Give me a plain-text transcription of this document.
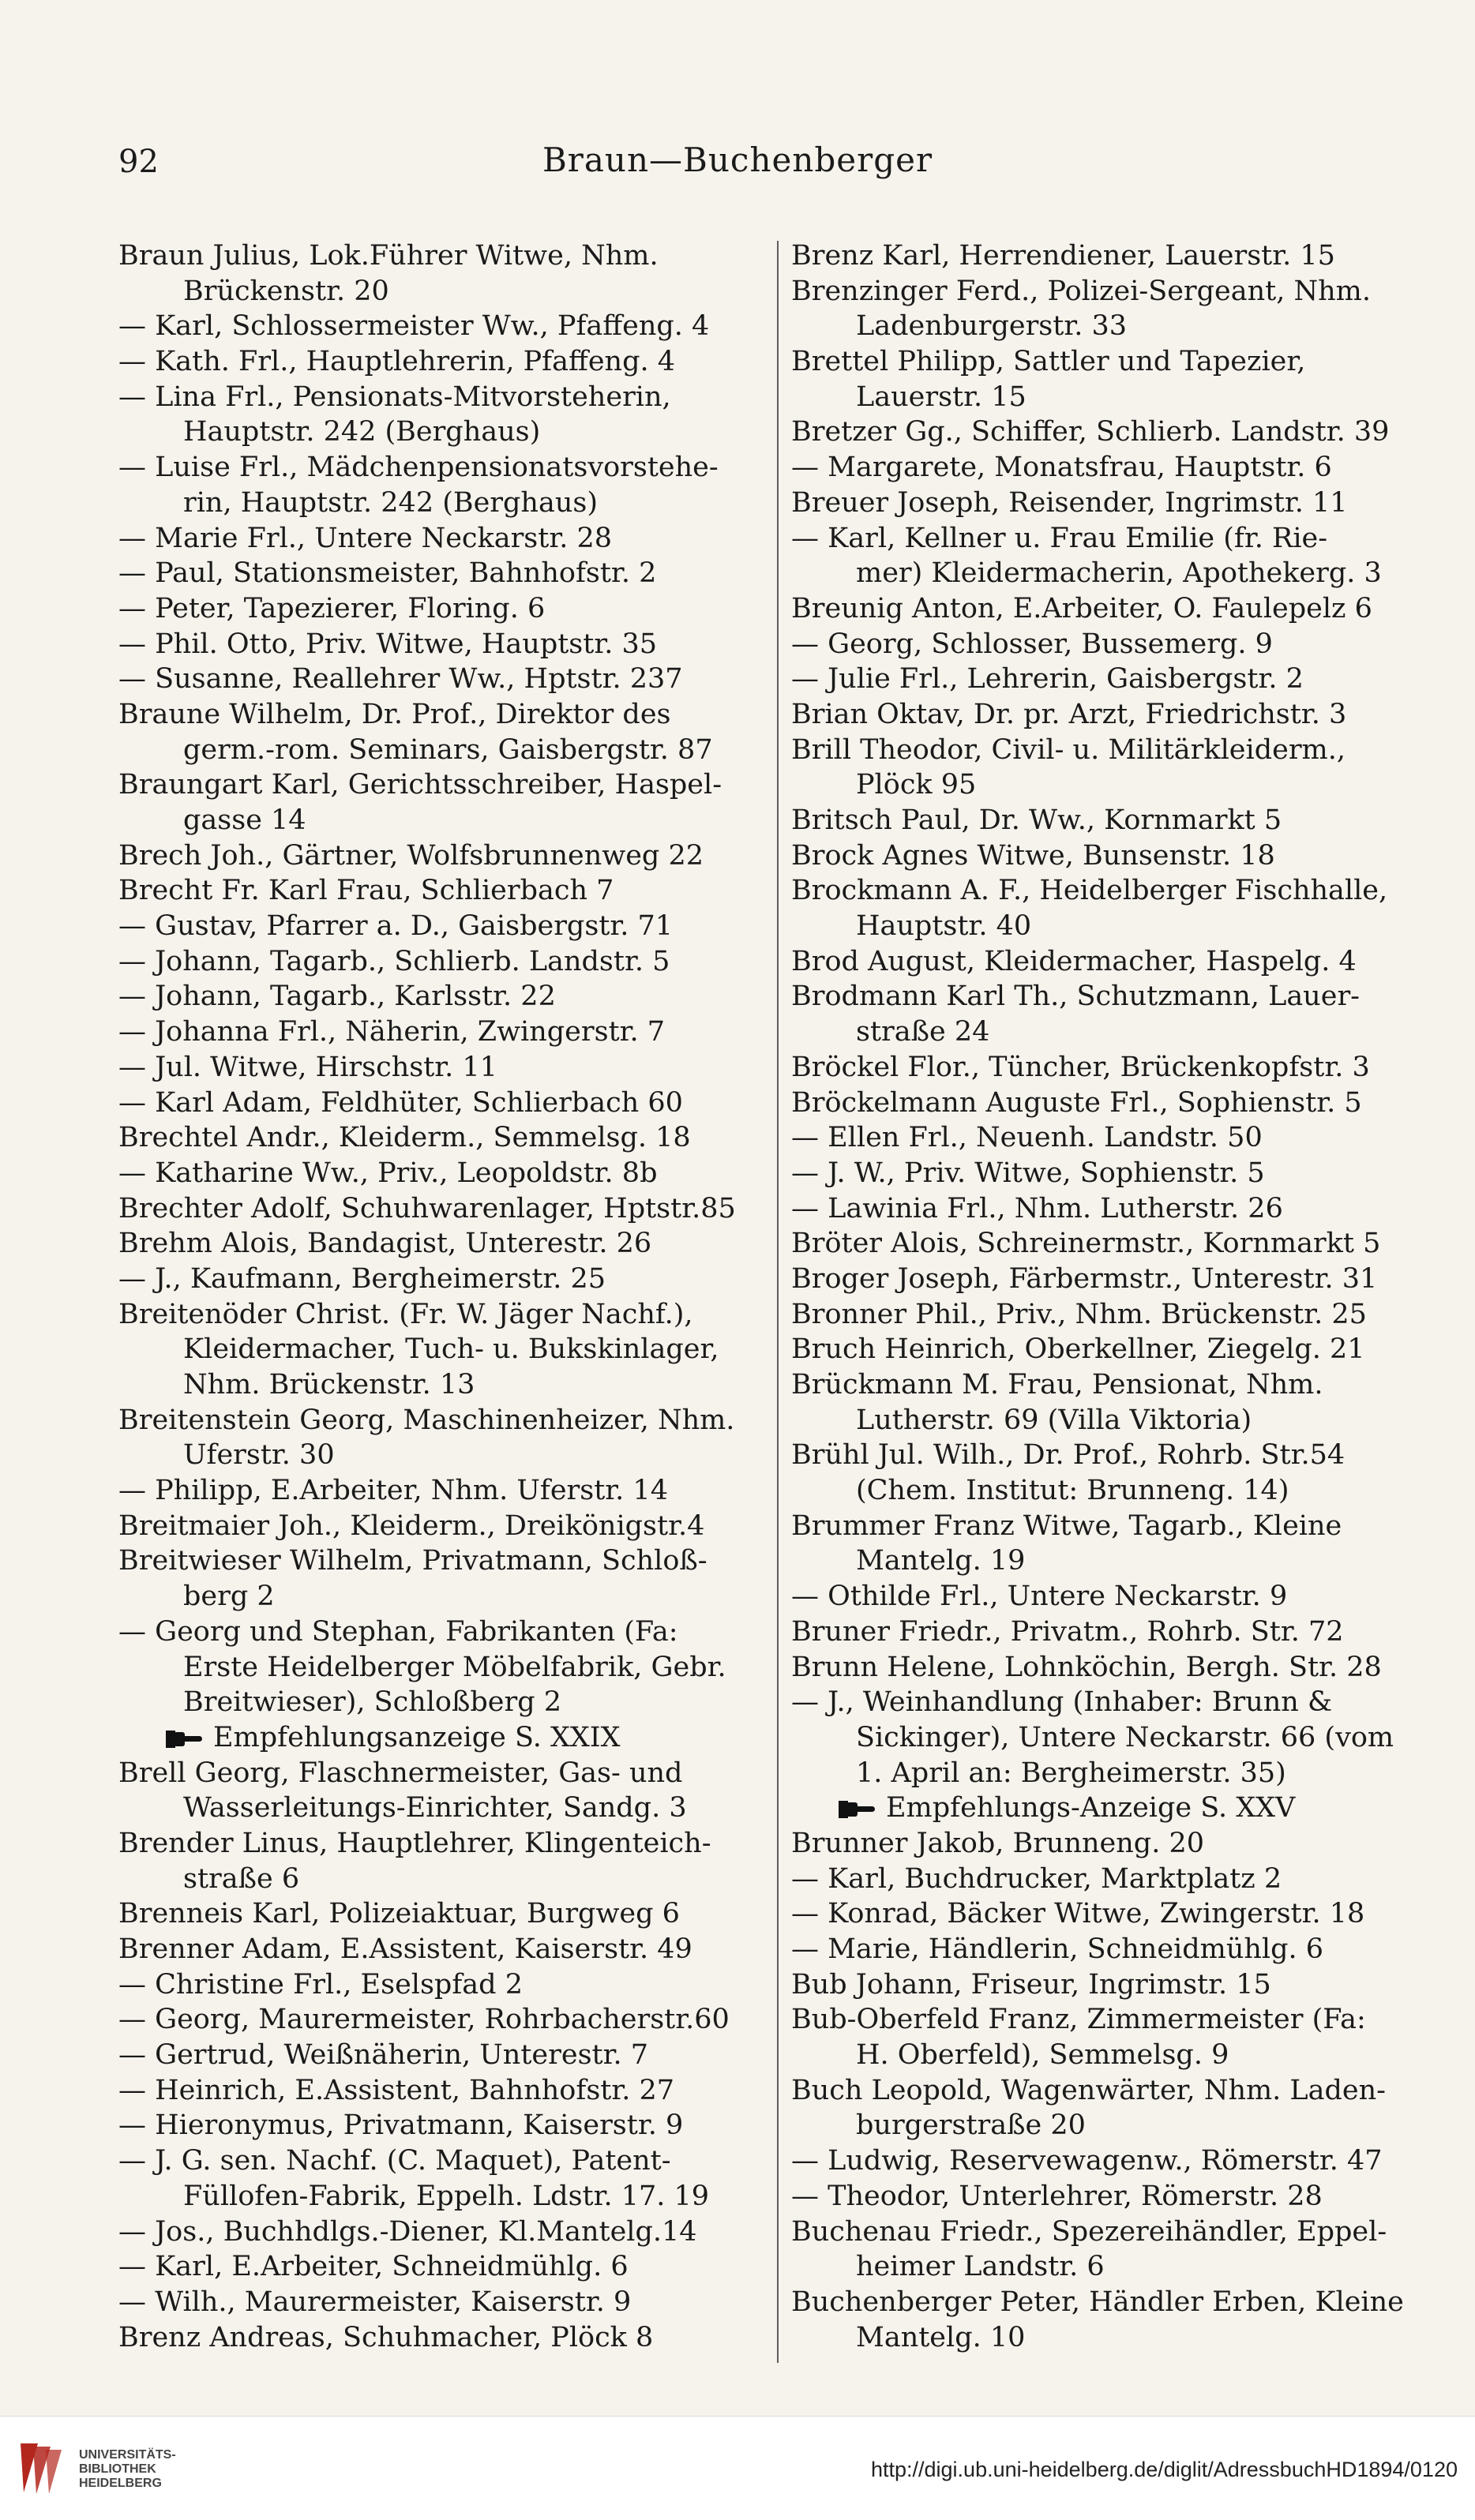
92	Braun—Buchenberger
Braun Julius, Lok.Führer Witwe, Nhm.
Brückenstr. 20
— Karl, Schlossermeister Ww., Pfaffeng. 4
— Kath. Frl., Hauptlehrerin, Pfaffeng. 4
— Lina Frl., Pensionats-Mitvorsteherin,
Hauptstr. 242 (Berghaus)
— Luise Frl., Mädchenpensionatsvorstehe-
rin, Hauptstr. 242 (Berghaus)
— Marie Frl., Untere Neckarstr. 28
— Paul, Stationsmeister, Bahnhofstr. 2
— Peter, Tapezierer, Floring. 6
— Phil. Otto, Priv. Witwe, Hauptstr. 35
— Susanne, Reallehrer Ww., Hptstr. 237
Braune Wilhelm, Dr. Prof., Direktor des
germ.-rom. Seminars, Gaisbergstr. 87
Braungart Karl, Gerichtsschreiber, Haspel-
gasse 14
Brech Joh., Gärtner, Wolfsbrunnenweg 22
Brecht Fr. Karl Frau, Schlierbach 7
— Gustav, Pfarrer a. D., Gaisbergstr. 71
— Johann, Tagarb., Schlierb. Landstr. 5
— Johann, Tagarb., Karlsstr. 22
— Johanna Frl., Näherin, Zwingerstr. 7
— Jul. Witwe, Hirschstr. 11
— Karl Adam, Feldhüter, Schlierbach 60
Brechtel Andr., Kleiderm., Semmelsg. 18
— Katharine Ww., Priv., Leopoldstr. 8b
Brechter Adolf, Schuhwarenlager, Hptstr.85
Brehm Alois, Bandagist, Unterestr. 26
— J., Kaufmann, Bergheimerstr. 25
Breitenöder Christ. (Fr. W. Jäger Nachf.),
Kleidermacher, Tuch- u. Bukskinlager,
Nhm. Brückenstr. 13
Breitenstein Georg, Maschinenheizer, Nhm.
Uferstr. 30
— Philipp, E.Arbeiter, Nhm. Uferstr. 14
Breitmaier Joh., Kleiderm., Dreikönigstr.4
Breitwieser Wilhelm, Privatmann, Schloß-
berg 2
— Georg und Stephan, Fabrikanten (Fa:
Erste Heidelberger Möbelfabrik, Gebr.
Breitwieser), Schloßberg 2
Empfehlungsanzeige S. XXIX
Brell Georg, Flaschnermeister, Gas- und
Wasserleitungs-Einrichter, Sandg. 3
Brender Linus, Hauptlehrer, Klingenteich-
straße 6
Brenneis Karl, Polizeiaktuar, Burgweg 6
Brenner Adam, E.Assistent, Kaiserstr. 49
— Christine Frl., Eselspfad 2
— Georg, Maurermeister, Rohrbacherstr.60
— Gertrud, Weißnäherin, Unterestr. 7
— Heinrich, E.Assistent, Bahnhofstr. 27
— Hieronymus, Privatmann, Kaiserstr. 9
— J. G. sen. Nachf. (C. Maquet), Patent-
Füllofen-Fabrik, Eppelh. Ldstr. 17. 19
— Jos., Buchhdlgs.-Diener, Kl.Mantelg.14
— Karl, E.Arbeiter, Schneidmühlg. 6
— Wilh., Maurermeister, Kaiserstr. 9
Brenz Andreas, Schuhmacher, Plöck 8
Brenz Karl, Herrendiener, Lauerstr. 15
Brenzinger Ferd., Polizei-Sergeant, Nhm.
Ladenburgerstr. 33
Brettel Philipp, Sattler und Tapezier,
Lauerstr. 15
Bretzer Gg., Schiffer, Schlierb. Landstr. 39
— Margarete, Monatsfrau, Hauptstr. 6
Breuer Joseph, Reisender, Ingrimstr. 11
— Karl, Kellner u. Frau Emilie (fr. Rie-
mer) Kleidermacherin, Apothekerg. 3
Breunig Anton, E.Arbeiter, O. Faulepelz 6
— Georg, Schlosser, Bussemerg. 9
— Julie Frl., Lehrerin, Gaisbergstr. 2
Brian Oktav, Dr. pr. Arzt, Friedrichstr. 3
Brill Theodor, Civil- u. Militärkleiderm.,
Plöck 95
Britsch Paul, Dr. Ww., Kornmarkt 5
Brock Agnes Witwe, Bunsenstr. 18
Brockmann A. F., Heidelberger Fischhalle,
Hauptstr. 40
Brod August, Kleidermacher, Haspelg. 4
Brodmann Karl Th., Schutzmann, Lauer-
straße 24
Bröckel Flor., Tüncher, Brückenkopfstr. 3
Bröckelmann Auguste Frl., Sophienstr. 5
— Ellen Frl., Neuenh. Landstr. 50
— J. W., Priv. Witwe, Sophienstr. 5
— Lawinia Frl., Nhm. Lutherstr. 26
Bröter Alois, Schreinermstr., Kornmarkt 5
Broger Joseph, Färbermstr., Unterestr. 31
Bronner Phil., Priv., Nhm. Brückenstr. 25
Bruch Heinrich, Oberkellner, Ziegelg. 21
Brückmann M. Frau, Pensionat, Nhm.
Lutherstr. 69 (Villa Viktoria)
Brühl Jul. Wilh., Dr. Prof., Rohrb. Str.54
(Chem. Institut: Brunneng. 14)
Brummer Franz Witwe, Tagarb., Kleine
Mantelg. 19
— Othilde Frl., Untere Neckarstr. 9
Bruner Friedr., Privatm., Rohrb. Str. 72
Brunn Helene, Lohnköchin, Bergh. Str. 28
— J., Weinhandlung (Inhaber: Brunn &
Sickinger), Untere Neckarstr. 66 (vom
1. April an: Bergheimerstr. 35)
Empfehlungs-Anzeige S. XXV
Brunner Jakob, Brunneng. 20
— Karl, Buchdrucker, Marktplatz 2
— Konrad, Bäcker Witwe, Zwingerstr. 18
— Marie, Händlerin, Schneidmühlg. 6
Bub Johann, Friseur, Ingrimstr. 15
Bub-Oberfeld Franz, Zimmermeister (Fa:
H. Oberfeld), Semmelsg. 9
Buch Leopold, Wagenwärter, Nhm. Laden-
burgerstraße 20
— Ludwig, Reservewagenw., Römerstr. 47
— Theodor, Unterlehrer, Römerstr. 28
Buchenau Friedr., Spezereihändler, Eppel-
heimer Landstr. 6
Buchenberger Peter, Händler Erben, Kleine
Mantelg. 10
UNIVERSITÄTS-
BIBLIOTHEK
HEIDELBERG
http://digi.ub.uni-heidelberg.de/diglit/AdressbuchHD1894/0120
